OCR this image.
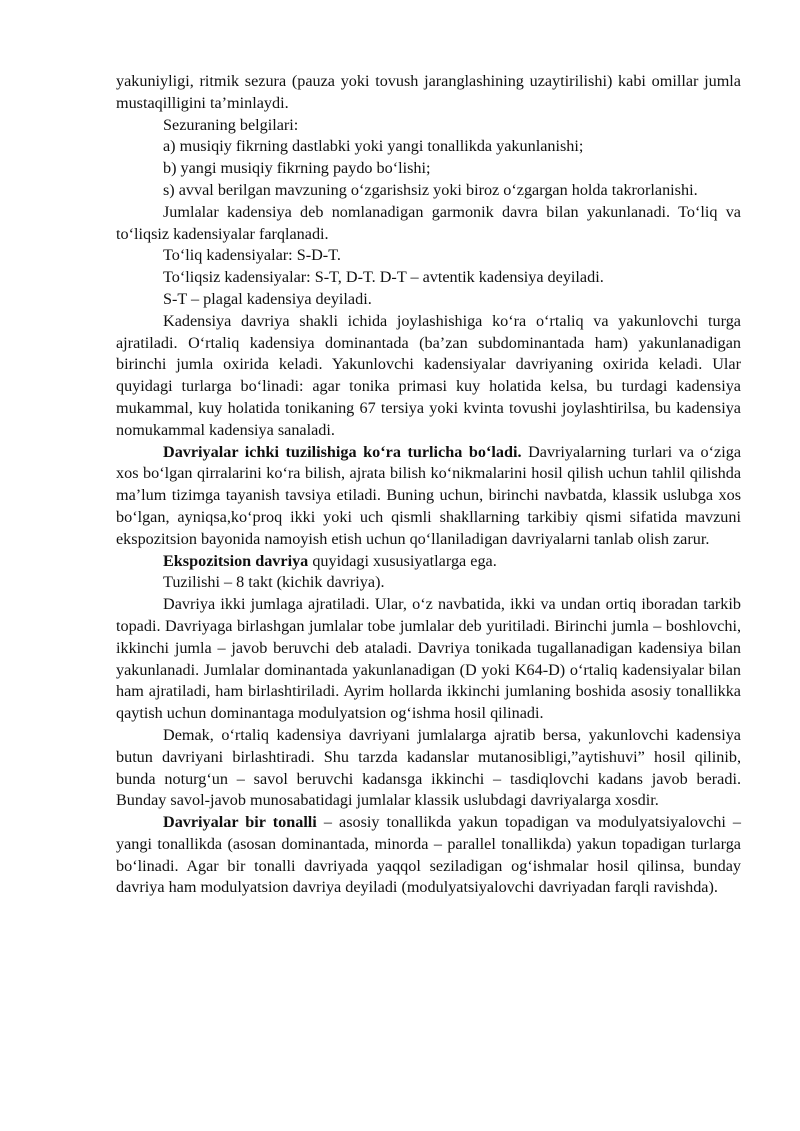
yakuniyligi, ritmik sezura (pauza yoki tovush jaranglashining uzaytirilishi) kabi omillar jumla mustaqilligini ta’minlaydi.

Sezuraning belgilari:

a) musiqiy fikrning dastlabki yoki yangi tonallikda yakunlanishi;

b) yangi musiqiy fikrning paydo bo‘lishi;

s) avval berilgan mavzuning o‘zgarishsiz yoki biroz o‘zgargan holda takrorlanishi.

Jumlalar kadensiya deb nomlanadigan garmonik davra bilan yakunlanadi. To‘liq va to‘liqsiz kadensiyalar farqlanadi.

To‘liq kadensiyalar: S-D-T.

To‘liqsiz kadensiyalar: S-T, D-T. D-T – avtentik kadensiya deyiladi.

S-T – plagal kadensiya deyiladi.

Kadensiya davriya shakli ichida joylashishiga ko‘ra o‘rtaliq va yakunlovchi turga ajratiladi. O‘rtaliq kadensiya dominantada (ba’zan subdominantada ham) yakunlanadigan birinchi jumla oxirida keladi. Yakunlovchi kadensiyalar davriyaning oxirida keladi. Ular quyidagi turlarga bo‘linadi: agar tonika primasi kuy holatida kelsa, bu turdagi kadensiya mukammal, kuy holatida tonikaning 67 tersiya yoki kvinta tovushi joylashtirilsa, bu kadensiya nomukammal kadensiya sanaladi.

Davriyalar ichki tuzilishiga ko‘ra turlicha bo‘ladi. Davriyalarning turlari va o‘ziga xos bo‘lgan qirralarini ko‘ra bilish, ajrata bilish ko‘nikmalarini hosil qilish uchun tahlil qilishda ma’lum tizimga tayanish tavsiya etiladi. Buning uchun, birinchi navbatda, klassik uslubga xos bo‘lgan, ayniqsa,ko‘proq ikki yoki uch qismli shakllarning tarkibiy qismi sifatida mavzuni ekspozitsion bayonida namoyish etish uchun qo‘llaniladigan davriyalarni tanlab olish zarur.

Ekspozitsion davriya quyidagi xususiyatlarga ega.

Tuzilishi – 8 takt (kichik davriya).

Davriya ikki jumlaga ajratiladi. Ular, o‘z navbatida, ikki va undan ortiq iboradan tarkib topadi. Davriyaga birlashgan jumlalar tobe jumlalar deb yuritiladi. Birinchi jumla – boshlovchi, ikkinchi jumla – javob beruvchi deb ataladi. Davriya tonikada tugallanadigan kadensiya bilan yakunlanadi. Jumlalar dominantada yakunlanadigan (D yoki K64-D) o‘rtaliq kadensiyalar bilan ham ajratiladi, ham birlashtiriladi. Ayrim hollarda ikkinchi jumlaning boshida asosiy tonallikka qaytish uchun dominantaga modulyatsion og‘ishma hosil qilinadi.

Demak, o‘rtaliq kadensiya davriyani jumlalarga ajratib bersa, yakunlovchi kadensiya butun davriyani birlashtiradi. Shu tarzda kadanslar mutanosibligi,”aytishuvi” hosil qilinib, bunda noturg‘un – savol beruvchi kadansga ikkinchi – tasdiqlovchi kadans javob beradi. Bunday savol-javob munosabatidagi jumlalar klassik uslubdagi davriyalarga xosdir.

Davriyalar bir tonalli – asosiy tonallikda yakun topadigan va modulyatsiyalovchi – yangi tonallikda (asosan dominantada, minorda – parallel tonallikda) yakun topadigan turlarga bo‘linadi. Agar bir tonalli davriyada yaqqol seziladigan og‘ishmalar hosil qilinsa, bunday davriya ham modulyatsion davriya deyiladi (modulyatsiyalovchi davriyadan farqli ravishda).
